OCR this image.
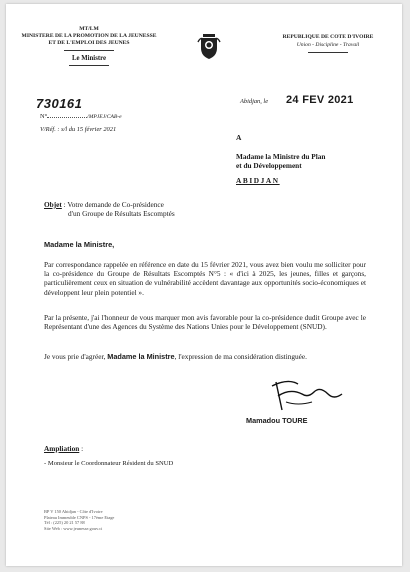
MT/LM
MINISTERE DE LA PROMOTION DE LA JEUNESSE
ET DE L'EMPLOI DES JEUNES
Le Ministre
REPUBLIQUE DE COTE D'IVOIRE
Union - Discipline - Travail
730161
N°	/MPJEJ/CAB-e
V/Réf. : s/l du 15 février 2021
Abidjan, le 24 FEV 2021
A
Madame la Ministre du Plan
et du Développement
ABIDJAN
Objet : Votre demande de Co-présidence
d'un Groupe de Résultats Escomptés
Madame la Ministre,
Par correspondance rappelée en référence en date du 15 février 2021, vous avez bien voulu me solliciter pour la co-présidence du Groupe de Résultats Escomptés N°5 : « d'ici à 2025, les jeunes, filles et garçons, particulièrement ceux en situation de vulnérabilité accèdent davantage aux opportunités socio-économiques et développent leur plein potentiel ».
Par la présente, j'ai l'honneur de vous marquer mon avis favorable pour la co-présidence dudit Groupe avec le Représentant d'une des Agences du Système des Nations Unies pour le Développement (SNUD).
Je vous prie d'agréer, Madame la Ministre, l'expression de ma considération distinguée.
Mamadou TOURE
Ampliation :
- Monsieur le Coordonnateur Résident du SNUD
BP V 150 Abidjan - Côte d'Ivoire
Plateau Immeuble CNPS - 17ème Etage
Tél : (225) 20 21 57 88
Site Web : www.jeunesse.gouv.ci
